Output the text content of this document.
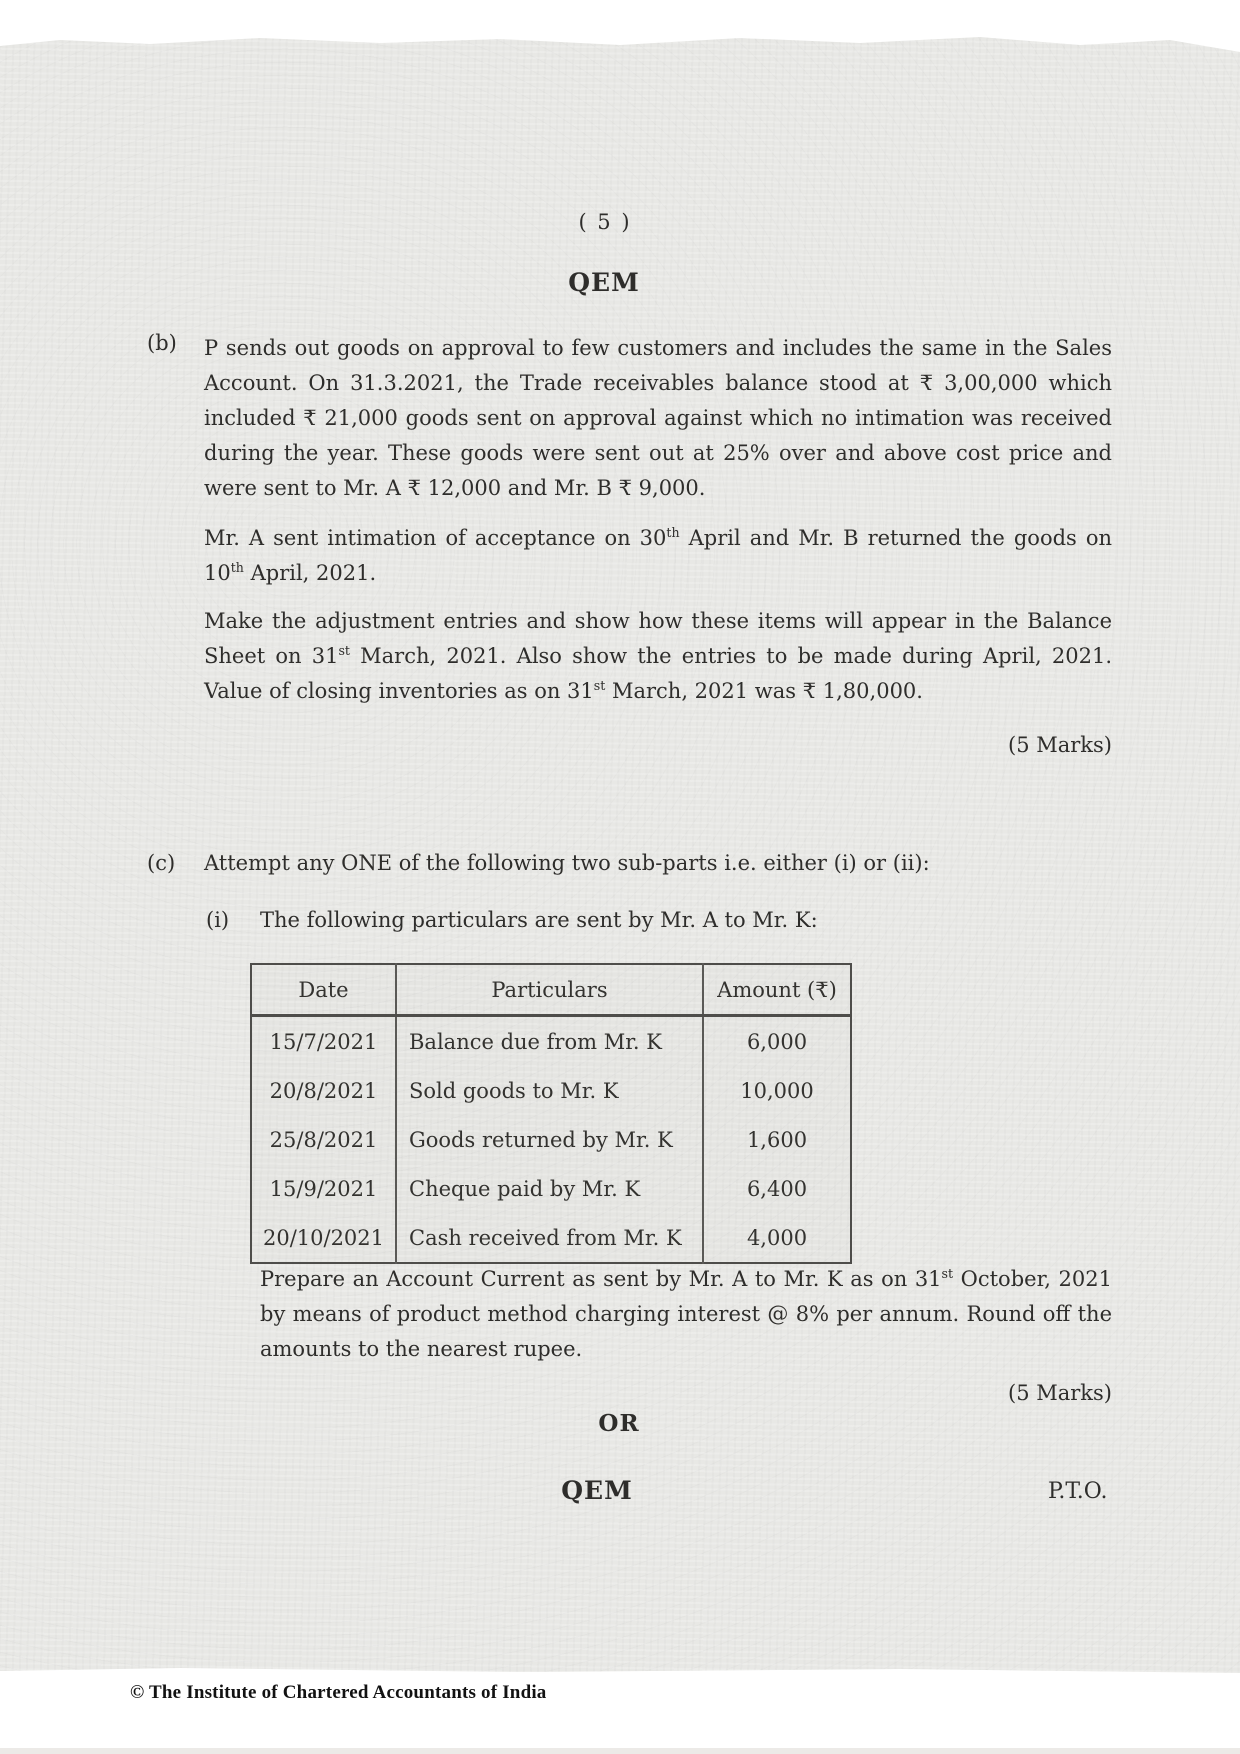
( 5 )
QEM
(b) P sends out goods on approval to few customers and includes the same in the Sales Account. On 31.3.2021, the Trade receivables balance stood at ₹ 3,00,000 which included ₹ 21,000 goods sent on approval against which no intimation was received during the year. These goods were sent out at 25% over and above cost price and were sent to Mr. A ₹ 12,000 and Mr. B ₹ 9,000.
Mr. A sent intimation of acceptance on 30th April and Mr. B returned the goods on 10th April, 2021.
Make the adjustment entries and show how these items will appear in the Balance Sheet on 31st March, 2021. Also show the entries to be made during April, 2021. Value of closing inventories as on 31st March, 2021 was ₹ 1,80,000.
(5 Marks)
(c) Attempt any ONE of the following two sub-parts i.e. either (i) or (ii):
(i) The following particulars are sent by Mr. A to Mr. K:
Date	Particulars	Amount (₹)
15/7/2021	Balance due from Mr. K	6,000
20/8/2021	Sold goods to Mr. K	10,000
25/8/2021	Goods returned by Mr. K	1,600
15/9/2021	Cheque paid by Mr. K	6,400
20/10/2021	Cash received from Mr. K	4,000
Prepare an Account Current as sent by Mr. A to Mr. K as on 31st October, 2021 by means of product method charging interest @ 8% per annum. Round off the amounts to the nearest rupee.
(5 Marks)
OR
QEM	P.T.O.
© The Institute of Chartered Accountants of India
